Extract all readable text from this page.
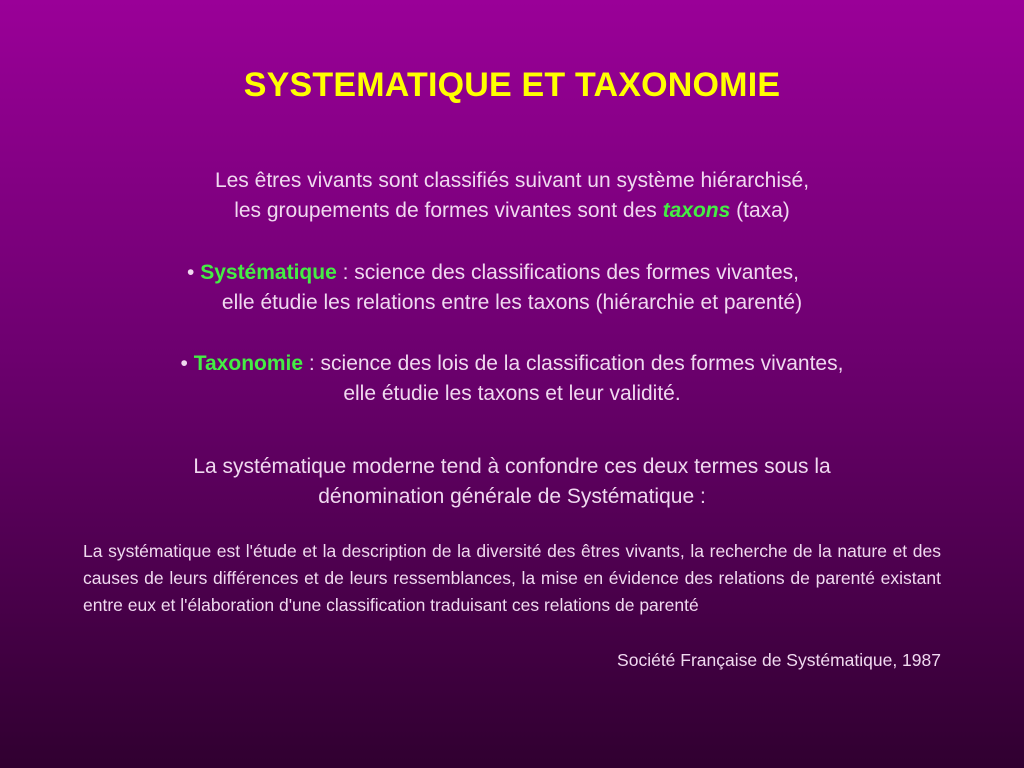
SYSTEMATIQUE ET TAXONOMIE
Les êtres vivants sont classifiés suivant un système hiérarchisé,
les groupements de formes vivantes sont des taxons (taxa)
• Systématique : science des classifications des formes vivantes,
elle étudie les relations entre les taxons (hiérarchie et parenté)
• Taxonomie : science des lois de la classification des formes vivantes,
elle étudie les taxons et leur validité.
La systématique moderne tend à confondre ces deux termes sous la
dénomination générale de Systématique :
La systématique est l'étude et la description de la diversité des êtres vivants, la recherche de la nature et des causes de leurs différences et de leurs ressemblances, la mise en évidence des relations de parenté existant entre eux et l'élaboration d'une classification traduisant ces relations de parenté
Société Française de Systématique, 1987
